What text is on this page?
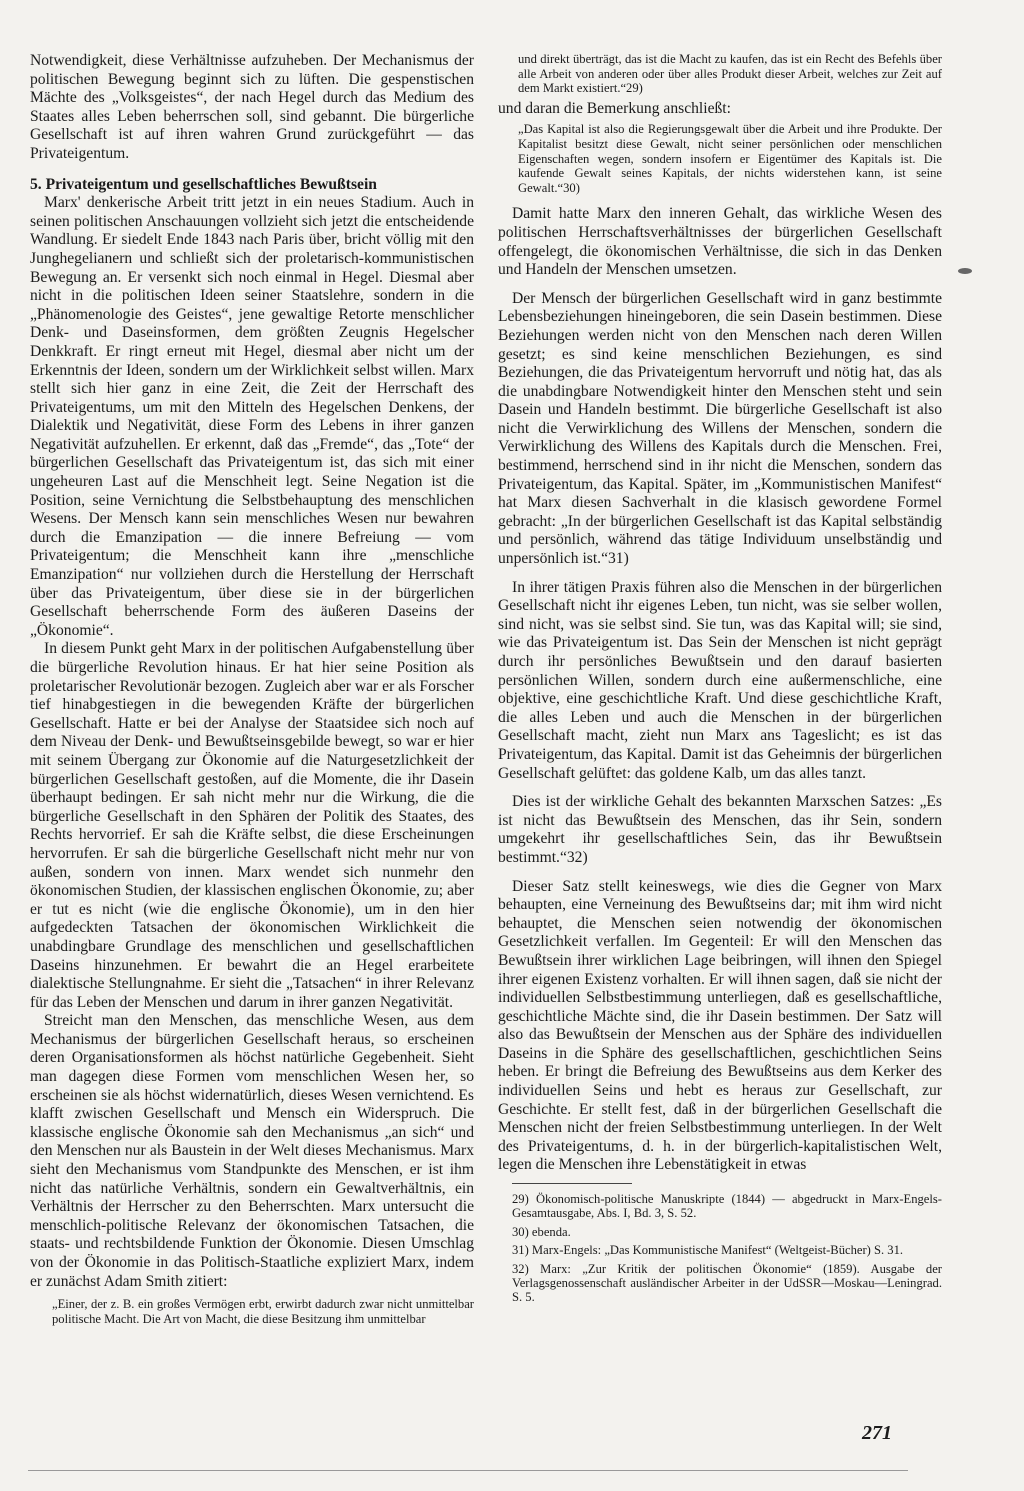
Notwendigkeit, diese Verhältnisse aufzuheben. Der Mechanismus der politischen Bewegung beginnt sich zu lüften. Die gespenstischen Mächte des „Volksgeistes“, der nach Hegel durch das Medium des Staates alles Leben beherrschen soll, sind gebannt. Die bürgerliche Gesellschaft ist auf ihren wahren Grund zurückgeführt — das Privateigentum.

5. Privateigentum und gesellschaftliches Bewußtsein

Marx' denkerische Arbeit tritt jetzt in ein neues Stadium. Auch in seinen politischen Anschauungen vollzieht sich jetzt die entscheidende Wandlung. Er siedelt Ende 1843 nach Paris über, bricht völlig mit den Junghegelianern und schließt sich der proletarisch-kommunistischen Bewegung an. Er versenkt sich noch einmal in Hegel. Diesmal aber nicht in die politischen Ideen seiner Staatslehre, sondern in die „Phänomenologie des Geistes“, jene gewaltige Retorte menschlicher Denk- und Daseinsformen, dem größten Zeugnis Hegelscher Denkkraft. Er ringt erneut mit Hegel, diesmal aber nicht um der Erkenntnis der Ideen, sondern um der Wirklichkeit selbst willen. Marx stellt sich hier ganz in eine Zeit, die Zeit der Herrschaft des Privateigentums, um mit den Mitteln des Hegelschen Denkens, der Dialektik und Negativität, diese Form des Lebens in ihrer ganzen Negativität aufzuhellen. Er erkennt, daß das „Fremde“, das „Tote“ der bürgerlichen Gesellschaft das Privateigentum ist, das sich mit einer ungeheuren Last auf die Menschheit legt. Seine Negation ist die Position, seine Vernichtung die Selbstbehauptung des menschlichen Wesens. Der Mensch kann sein menschliches Wesen nur bewahren durch die Emanzipation — die innere Befreiung — vom Privateigentum; die Menschheit kann ihre „menschliche Emanzipation“ nur vollziehen durch die Herstellung der Herrschaft über das Privateigentum, über diese sie in der bürgerlichen Gesellschaft beherrschende Form des äußeren Daseins der „Ökonomie“.

In diesem Punkt geht Marx in der politischen Aufgabenstellung über die bürgerliche Revolution hinaus. Er hat hier seine Position als proletarischer Revolutionär bezogen. Zugleich aber war er als Forscher tief hinabgestiegen in die bewegenden Kräfte der bürgerlichen Gesellschaft. Hatte er bei der Analyse der Staatsidee sich noch auf dem Niveau der Denk- und Bewußtseinsgebilde bewegt, so war er hier mit seinem Übergang zur Ökonomie auf die Naturgesetzlichkeit der bürgerlichen Gesellschaft gestoßen, auf die Momente, die ihr Dasein überhaupt bedingen. Er sah nicht mehr nur die Wirkung, die die bürgerliche Gesellschaft in den Sphären der Politik des Staates, des Rechts hervorrief. Er sah die Kräfte selbst, die diese Erscheinungen hervorrufen. Er sah die bürgerliche Gesellschaft nicht mehr nur von außen, sondern von innen. Marx wendet sich nunmehr den ökonomischen Studien, der klassischen englischen Ökonomie, zu; aber er tut es nicht (wie die englische Ökonomie), um in den hier aufgedeckten Tatsachen der ökonomischen Wirklichkeit die unabdingbare Grundlage des menschlichen und gesellschaftlichen Daseins hinzunehmen. Er bewahrt die an Hegel erarbeitete dialektische Stellungnahme. Er sieht die „Tatsachen“ in ihrer Relevanz für das Leben der Menschen und darum in ihrer ganzen Negativität.

Streicht man den Menschen, das menschliche Wesen, aus dem Mechanismus der bürgerlichen Gesellschaft heraus, so erscheinen deren Organisationsformen als höchst natürliche Gegebenheit. Sieht man dagegen diese Formen vom menschlichen Wesen her, so erscheinen sie als höchst widernatürlich, dieses Wesen vernichtend. Es klafft zwischen Gesellschaft und Mensch ein Widerspruch. Die klassische englische Ökonomie sah den Mechanismus „an sich“ und den Menschen nur als Baustein in der Welt dieses Mechanismus. Marx sieht den Mechanismus vom Standpunkte des Menschen, er ist ihm nicht das natürliche Verhältnis, sondern ein Gewaltverhältnis, ein Verhältnis der Herrscher zu den Beherrschten. Marx untersucht die menschlich-politische Relevanz der ökonomischen Tatsachen, die staats- und rechtsbildende Funktion der Ökonomie. Diesen Umschlag von der Ökonomie in das Politisch-Staatliche expliziert Marx, indem er zunächst Adam Smith zitiert:

„Einer, der z. B. ein großes Vermögen erbt, erwirbt dadurch zwar nicht unmittelbar politische Macht. Die Art von Macht, die diese Besitzung ihm unmittelbar

und direkt überträgt, das ist die Macht zu kaufen, das ist ein Recht des Befehls über alle Arbeit von anderen oder über alles Produkt dieser Arbeit, welches zur Zeit auf dem Markt existiert.“29)

und daran die Bemerkung anschließt:

„Das Kapital ist also die Regierungsgewalt über die Arbeit und ihre Produkte. Der Kapitalist besitzt diese Gewalt, nicht seiner persönlichen oder menschlichen Eigenschaften wegen, sondern insofern er Eigentümer des Kapitals ist. Die kaufende Gewalt seines Kapitals, der nichts widerstehen kann, ist seine Gewalt.“30)

Damit hatte Marx den inneren Gehalt, das wirkliche Wesen des politischen Herrschaftsverhältnisses der bürgerlichen Gesellschaft offengelegt, die ökonomischen Verhältnisse, die sich in das Denken und Handeln der Menschen umsetzen.

Der Mensch der bürgerlichen Gesellschaft wird in ganz bestimmte Lebensbeziehungen hineingeboren, die sein Dasein bestimmen. Diese Beziehungen werden nicht von den Menschen nach deren Willen gesetzt; es sind keine menschlichen Beziehungen, es sind Beziehungen, die das Privateigentum hervorruft und nötig hat, das als die unabdingbare Notwendigkeit hinter den Menschen steht und sein Dasein und Handeln bestimmt. Die bürgerliche Gesellschaft ist also nicht die Verwirklichung des Willens der Menschen, sondern die Verwirklichung des Willens des Kapitals durch die Menschen. Frei, bestimmend, herrschend sind in ihr nicht die Menschen, sondern das Privateigentum, das Kapital. Später, im „Kommunistischen Manifest“ hat Marx diesen Sachverhalt in die klasisch gewordene Formel gebracht: „In der bürgerlichen Gesellschaft ist das Kapital selbständig und persönlich, während das tätige Individuum unselbständig und unpersönlich ist.“31)

In ihrer tätigen Praxis führen also die Menschen in der bürgerlichen Gesellschaft nicht ihr eigenes Leben, tun nicht, was sie selber wollen, sind nicht, was sie selbst sind. Sie tun, was das Kapital will; sie sind, wie das Privateigentum ist. Das Sein der Menschen ist nicht geprägt durch ihr persönliches Bewußtsein und den darauf basierten persönlichen Willen, sondern durch eine außermenschliche, eine objektive, eine geschichtliche Kraft. Und diese geschichtliche Kraft, die alles Leben und auch die Menschen in der bürgerlichen Gesellschaft macht, zieht nun Marx ans Tageslicht; es ist das Privateigentum, das Kapital. Damit ist das Geheimnis der bürgerlichen Gesellschaft gelüftet: das goldene Kalb, um das alles tanzt.

Dies ist der wirkliche Gehalt des bekannten Marxschen Satzes: „Es ist nicht das Bewußtsein des Menschen, das ihr Sein, sondern umgekehrt ihr gesellschaftliches Sein, das ihr Bewußtsein bestimmt.“32)

Dieser Satz stellt keineswegs, wie dies die Gegner von Marx behaupten, eine Verneinung des Bewußtseins dar; mit ihm wird nicht behauptet, die Menschen seien notwendig der ökonomischen Gesetzlichkeit verfallen. Im Gegenteil: Er will den Menschen das Bewußtsein ihrer wirklichen Lage beibringen, will ihnen den Spiegel ihrer eigenen Existenz vorhalten. Er will ihnen sagen, daß sie nicht der individuellen Selbstbestimmung unterliegen, daß es gesellschaftliche, geschichtliche Mächte sind, die ihr Dasein bestimmen. Der Satz will also das Bewußtsein der Menschen aus der Sphäre des individuellen Daseins in die Sphäre des gesellschaftlichen, geschichtlichen Seins heben. Er bringt die Befreiung des Bewußtseins aus dem Kerker des individuellen Seins und hebt es heraus zur Gesellschaft, zur Geschichte. Er stellt fest, daß in der bürgerlichen Gesellschaft die Menschen nicht der freien Selbstbestimmung unterliegen. In der Welt des Privateigentums, d. h. in der bürgerlich-kapitalistischen Welt, legen die Menschen ihre Lebenstätigkeit in etwas

29) Ökonomisch-politische Manuskripte (1844) — abgedruckt in Marx-Engels-Gesamtausgabe, Abs. I, Bd. 3, S. 52.

30) ebenda.

31) Marx-Engels: „Das Kommunistische Manifest“ (Weltgeist-Bücher) S. 31.

32) Marx: „Zur Kritik der politischen Ökonomie“ (1859). Ausgabe der Verlagsgenossenschaft ausländischer Arbeiter in der UdSSR—Moskau—Leningrad. S. 5.

271
